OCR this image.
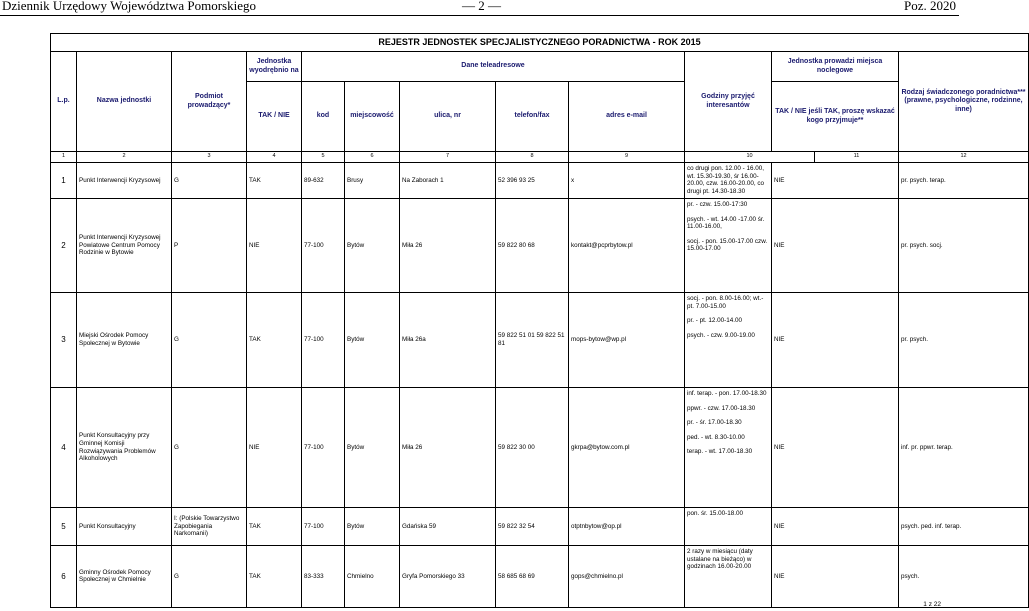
Dziennik Urzędowy Województwa Pomorskiego	— 2 —	Poz. 2020
REJESTR JEDNOSTEK SPECJALISTYCZNEGO PORADNICTWA - ROK 2015													
L.p.	Nazwa jednostki	Podmiot prowadzący*	Jednostka wyodrębnio na	Dane teleadresowe					Godziny przyjęć interesantów	Jednostka prowadzi miejsca noclegowe		Rodzaj świadczonego poradnictwa*** (prawne, psychologiczne, rodzinne, inne)	
			TAK / NIE	kod	miejscowość	ulica, nr	telefon/fax	adres e-mail		TAK / NIE jeśli TAK, proszę wskazać kogo przyjmuje**			
1	2	3	4	5	6	7	8	9	10		11	12	
1	Punkt Interwencji Kryzysowej	G	TAK	89-632	Brusy	Na Zaborach 1	52 396 93 25	x	co drugi pon. 12.00 - 16.00, wt. 15.30-19.30, śr 16.00-20.00, czw. 16.00-20.00, co drugi pt. 14.30-18.30	NIE		pr. psych. terap.	
2	Punkt Interwencji Kryzysowej Powiatowe Centrum Pomocy Rodzinie w Bytowie	P	NIE	77-100	Bytów	Miła 26	59 822 80 68	kontakt@pcprbytow.pl	pr. - czw. 15.00-17:30
psych. - wt. 14.00 -17.00 śr. 11.00-16.00,
socj. - pon. 15.00-17.00 czw. 15.00-17.00	NIE		pr. psych. socj.	
3	Miejski Ośrodek Pomocy Społecznej w Bytowie	G	TAK	77-100	Bytów	Miła 26a	59 822 51 01 59 822 51 81	mops-bytow@wp.pl	socj. - pon. 8.00-16.00; wt.-pt. 7.00-15.00
pr. - pt. 12.00-14.00
psych. - czw. 9.00-19.00	NIE		pr. psych.	
4	Punkt Konsultacyjny przy Gminnej Komisji Rozwiązywania Problemów Alkoholowych	G	NIE	77-100	Bytów	Miła 26	59 822 30 00	gkrpa@bytow.com.pl	inf. terap. - pon. 17.00-18.30
ppwr. - czw. 17.00-18.30
pr. - śr. 17.00-18.30
ped. - wt. 8.30-10.00
terap. - wt. 17.00-18.30	NIE		inf. pr. ppwr. terap.	
5	Punkt Konsultacyjny	I: (Polskie Towarzystwo Zapobiegania Narkomanii)	TAK	77-100	Bytów	Gdańska 59	59 822 32 54	otptnbytow@op.pl	pon. śr. 15.00-18.00	NIE		psych. ped. inf. terap.	
6	Gminny Ośrodek Pomocy Społecznej w Chmielnie	G	TAK	83-333	Chmielno	Gryfa Pomorskiego 33	58 685 68 69	gops@chmielno.pl	2 razy w miesiącu (daty ustalane na bieżąco) w godzinach 16.00-20.00	NIE		psych.	
1 z 22
